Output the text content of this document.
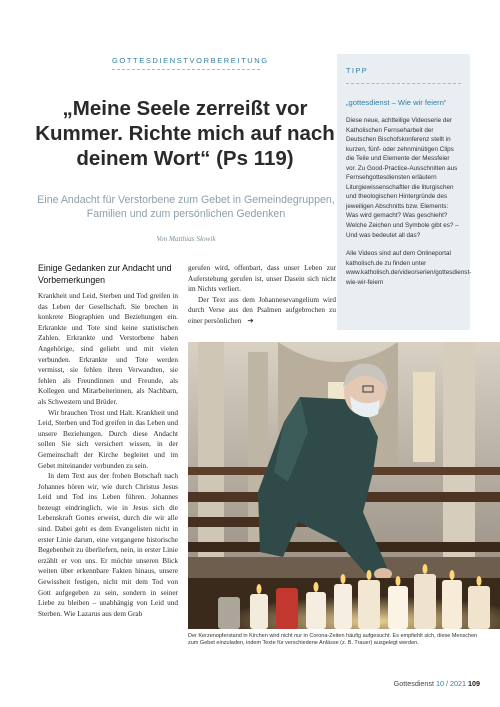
GOTTESDIENSTVORBEREITUNG
„Meine Seele zerreißt vor Kummer. Richte mich auf nach deinem Wort“ (Ps 119)
Eine Andacht für Verstorbene zum Gebet in Gemeindegruppen, Familien und zum persönlichen Gedenken
Von Matthias Słowik
Einige Gedanken zur Andacht und Vorbemerkungen

Krankheit und Leid, Sterben und Tod greifen in das Leben der Gesellschaft. Sie brechen in konkrete Biographien und Beziehungen ein. Erkrankte und Tote sind keine statistischen Zahlen. Erkrankte und Verstorbene haben Angehörige, sind geliebt und mit vielen verbunden. Erkrankte und Tote werden vermisst, sie fehlen ihren Verwandten, sie fehlen als Freundinnen und Freunde, als Kollegen und Mitarbeiterinnen, als Nachbarn, als Schwestern und Brüder.

Wir brauchen Trost und Halt. Krankheit und Leid, Sterben und Tod greifen in das Leben und unsere Beziehungen. Durch diese Andacht sollen Sie sich versichert wissen, in der Gemeinschaft der Kirche begleitet und im Gebet miteinander verbunden zu sein.

In dem Text aus der frohen Botschaft nach Johannes hören wir, wie durch Christus Jesus Leid und Tod ins Leben führen. Johannes bezeugt eindringlich, wie in Jesus sich die Lebenskraft Gottes erweist, durch die wir alle sind. Dabei geht es dem Evangelisten nicht in erster Linie darum, eine vergangene historische Begebenheit zu überliefern, nein, in erster Linie erzählt er von uns. Er möchte unseren Blick weiten über erkennbare Fakten hinaus, unsere Gewissheit festigen, nicht mit dem Tod von Gott aufgegeben zu sein, sondern in seiner Liebe zu bleiben – unabhängig von Leid und Sterben. Wie Lazarus aus dem Grab

gerufen wird, offenbart, dass unser Leben zur Auferstehung gerufen ist, unser Dasein sich nicht im Nichts verliert.

Der Text aus dem Johannesevangelium wird durch Verse aus den Psalmen aufgebrochen zu einer persönlichen ➔

TIPP
„gottesdienst – Wie wir feiern“

Diese neue, achtteilige Videoserie der Katholischen Fernseharbeit der Deutschen Bischofskonferenz stellt in kurzen, fünf- oder zehnminütigen Clips die Teile und Elemente der Messfeier vor. Zu Good-Practice-Ausschnitten aus Fernsehgottesdiensten erläutern Liturgiewissenschaftler die liturgischen und theologischen Hintergründe des jeweiligen Abschnitts bzw. Elements: Was wird gemacht? Was geschieht? Welche Zeichen und Symbole gibt es? – Und was bedeutet all das?

Alle Videos sind auf dem Onlineportal katholisch.de zu finden unter www.katholisch.de/video/serien/gottesdienst-wie-wir-feiern

Der Kerzenopferstand in Kirchen wird nicht nur in Corona-Zeiten häufig aufgesucht. Es empfiehlt sich, diese Menschen zum Gebet einzuladen, indem Texte für verschiedene Anlässe (z. B. Trauer) ausgelegt werden.
Gottesdienst 10 / 2021 109
